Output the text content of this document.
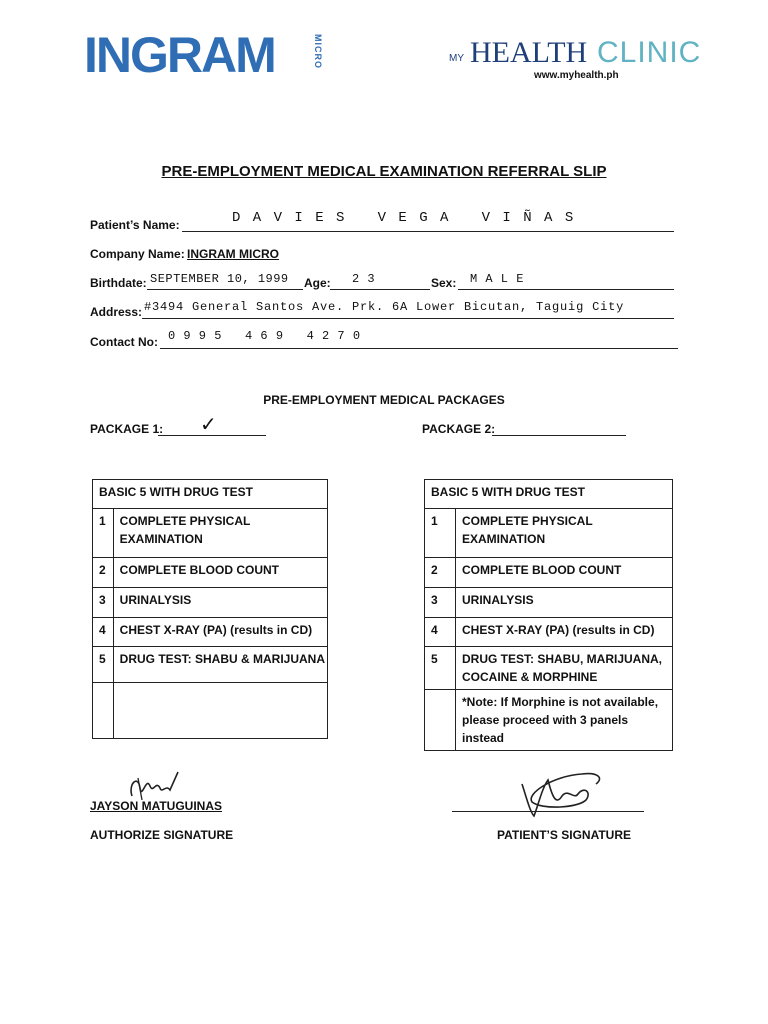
INGRAM	MICRO	MY HEALTH CLINIC
www.myhealth.ph
PRE-EMPLOYMENT MEDICAL EXAMINATION REFERRAL SLIP
Patient’s Name:	D A V I E S   V E G A   V I Ñ A S
Company Name: INGRAM MICRO
Birthdate: SEPTEMBER 10, 1999 Age: 2 3	Sex: M A L E
Address: #3494 General Santos Ave. Prk. 6A Lower Bicutan, Taguig City
Contact No: 0 9 9 5   4 6 9   4 2 7 0
PRE-EMPLOYMENT MEDICAL PACKAGES
PACKAGE 1: ✓	PACKAGE 2:
BASIC 5 WITH DRUG TEST	
1	COMPLETE PHYSICAL EXAMINATION
2	COMPLETE BLOOD COUNT
3	URINALYSIS
4	CHEST X-RAY (PA) (results in CD)
5	DRUG TEST: SHABU & MARIJUANA

BASIC 5 WITH DRUG TEST	
1	COMPLETE PHYSICAL EXAMINATION
2	COMPLETE BLOOD COUNT
3	URINALYSIS
4	CHEST X-RAY (PA) (results in CD)
5	DRUG TEST: SHABU, MARIJUANA, COCAINE & MORPHINE
	*Note: If Morphine is not available, please proceed with 3 panels instead
JAYSON MATUGUINAS
AUTHORIZE SIGNATURE	PATIENT’S SIGNATURE
